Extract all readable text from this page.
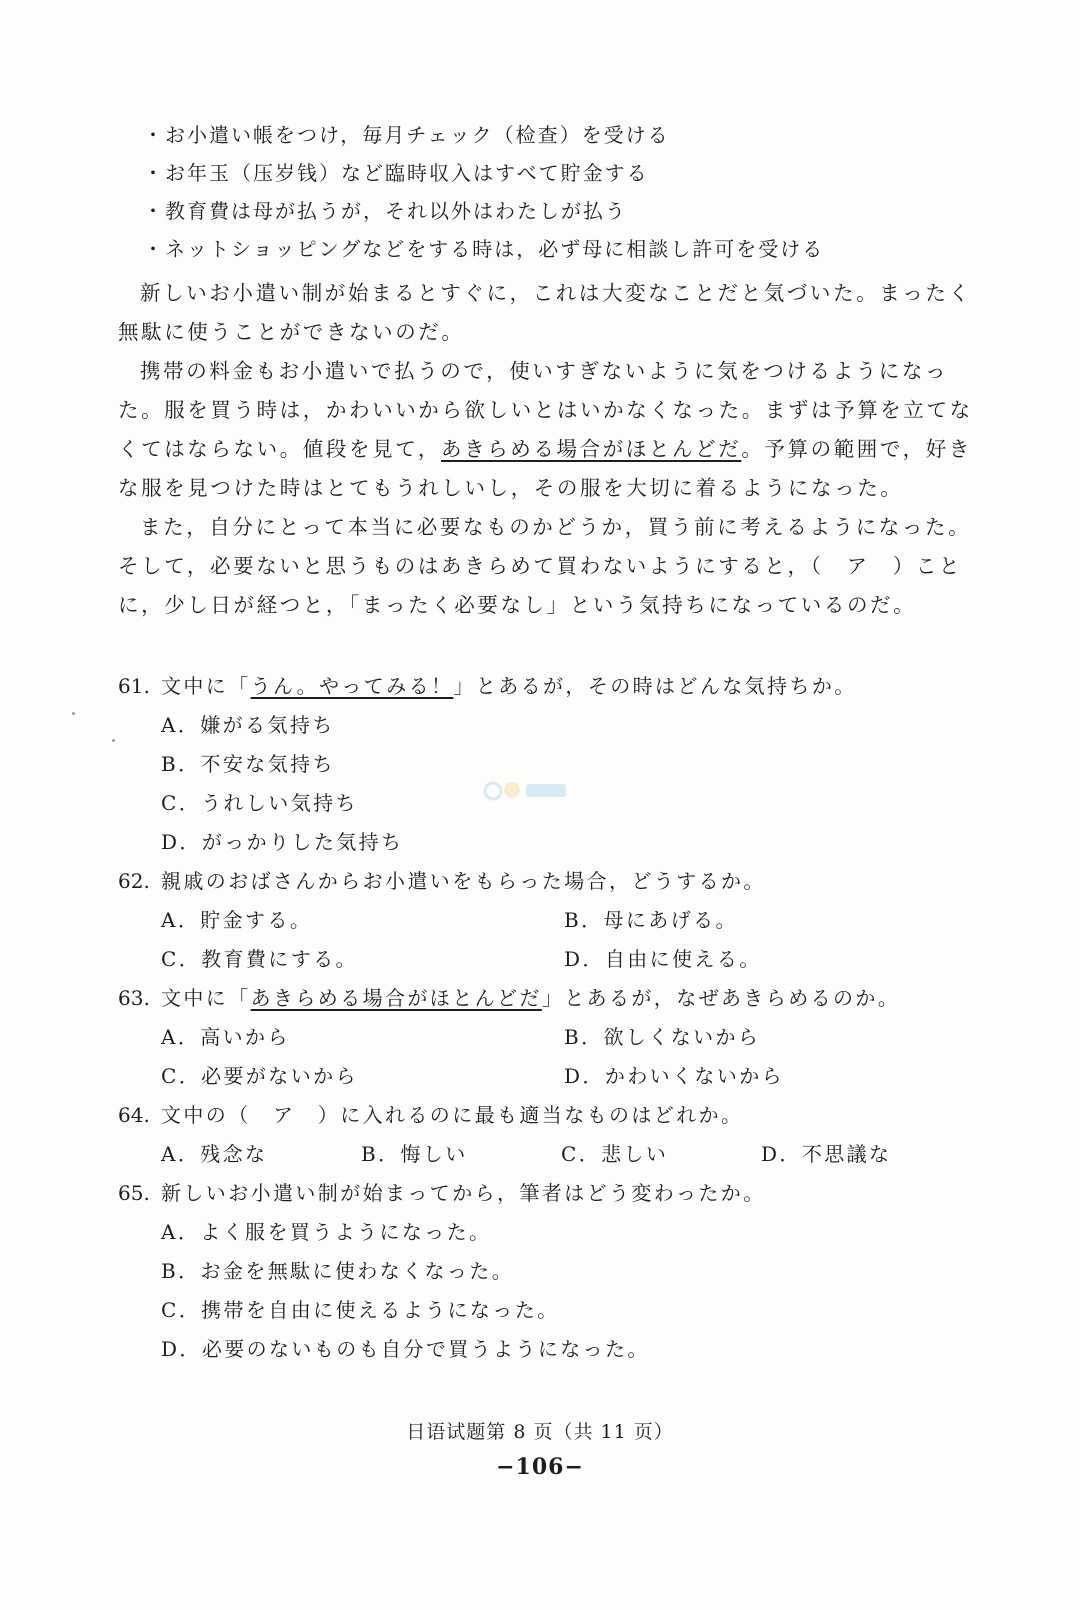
・お小遣い帳をつけ，毎月チェック（检查）を受ける
・お年玉（压岁钱）など臨時収入はすべて貯金する
・教育費は母が払うが，それ以外はわたしが払う
・ネットショッピングなどをする時は，必ず母に相談し許可を受ける

新しいお小遣い制が始まるとすぐに，これは大変なことだと気づいた。まったく無駄に使うことができないのだ。

携帯の料金もお小遣いで払うので，使いすぎないように気をつけるようになった。服を買う時は，かわいいから欲しいとはいかなくなった。まずは予算を立てなくてはならない。値段を見て，あきらめる場合がほとんどだ。予算の範囲で，好きな服を見つけた時はとてもうれしいし，その服を大切に着るようになった。

また，自分にとって本当に必要なものかどうか，買う前に考えるようになった。そして，必要ないと思うものはあきらめて買わないようにすると，（　ア　）ことに，少し日が経つと，「まったく必要なし」という気持ちになっているのだ。

61. 文中に「うん。やってみる！」とあるが，その時はどんな気持ちか。
A．嫌がる気持ち
B．不安な気持ち
C．うれしい気持ち
D．がっかりした気持ち
62. 親戚のおばさんからお小遣いをもらった場合，どうするか。
A．貯金する。	B．母にあげる。
C．教育費にする。	D．自由に使える。
63. 文中に「あきらめる場合がほとんどだ」とあるが，なぜあきらめるのか。
A．高いから	B．欲しくないから
C．必要がないから	D．かわいくないから
64. 文中の（　ア　）に入れるのに最も適当なものはどれか。
A．残念な	B．悔しい	C．悲しい	D．不思議な
65. 新しいお小遣い制が始まってから，筆者はどう変わったか。
A．よく服を買うようになった。
B．お金を無駄に使わなくなった。
C．携帯を自由に使えるようになった。
D．必要のないものも自分で買うようになった。
日语试题第 8 页（共 11 页）
−106−
